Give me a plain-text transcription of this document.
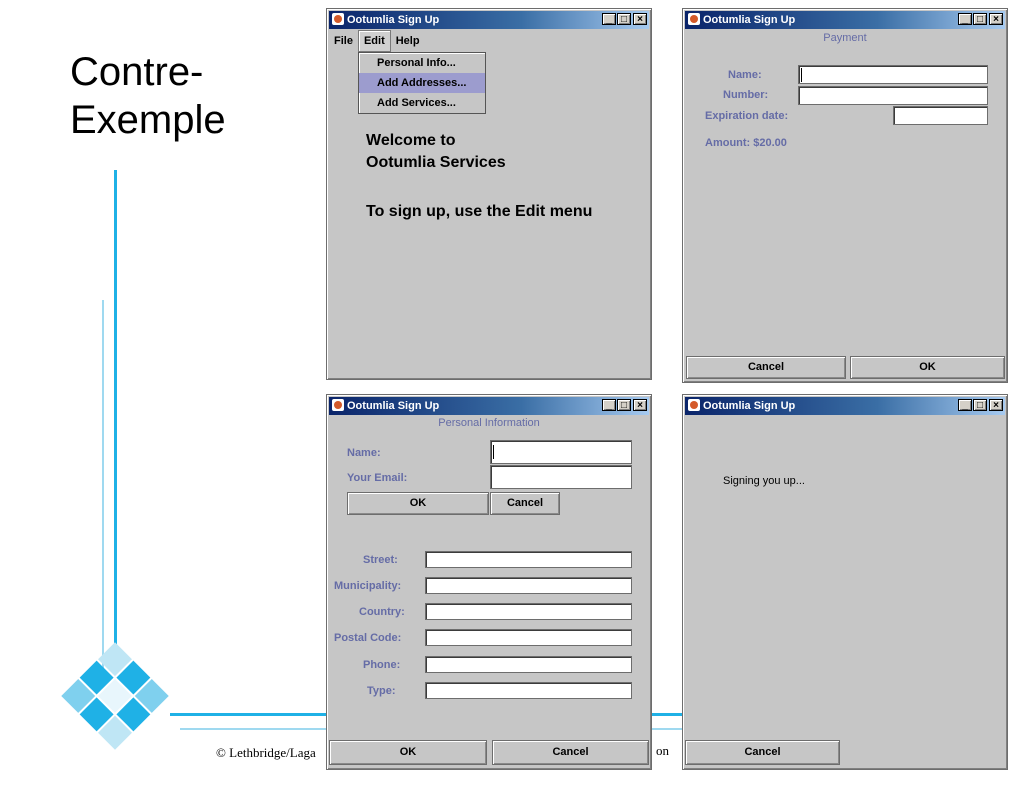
Contre-
Exemple
© Lethbridge/Laga	on
Ootumlia Sign Up	_ □	×
File Edit Help
Personal Info...
Add Addresses...
Add Services...
Welcome to
Ootumlia Services
To sign up, use the Edit menu
Ootumlia Sign Up	_ □	×
Payment
Name:
Number:
Expiration date:
Amount: $20.00
Cancel	OK
Ootumlia Sign Up	_ □	×
Personal Information
Name:
Your Email:
OK	Cancel
Street:
Municipality:
Country:
Postal Code:
Phone:
Type:
OK	Cancel
Ootumlia Sign Up	_ □	×
Signing you up...
Cancel
